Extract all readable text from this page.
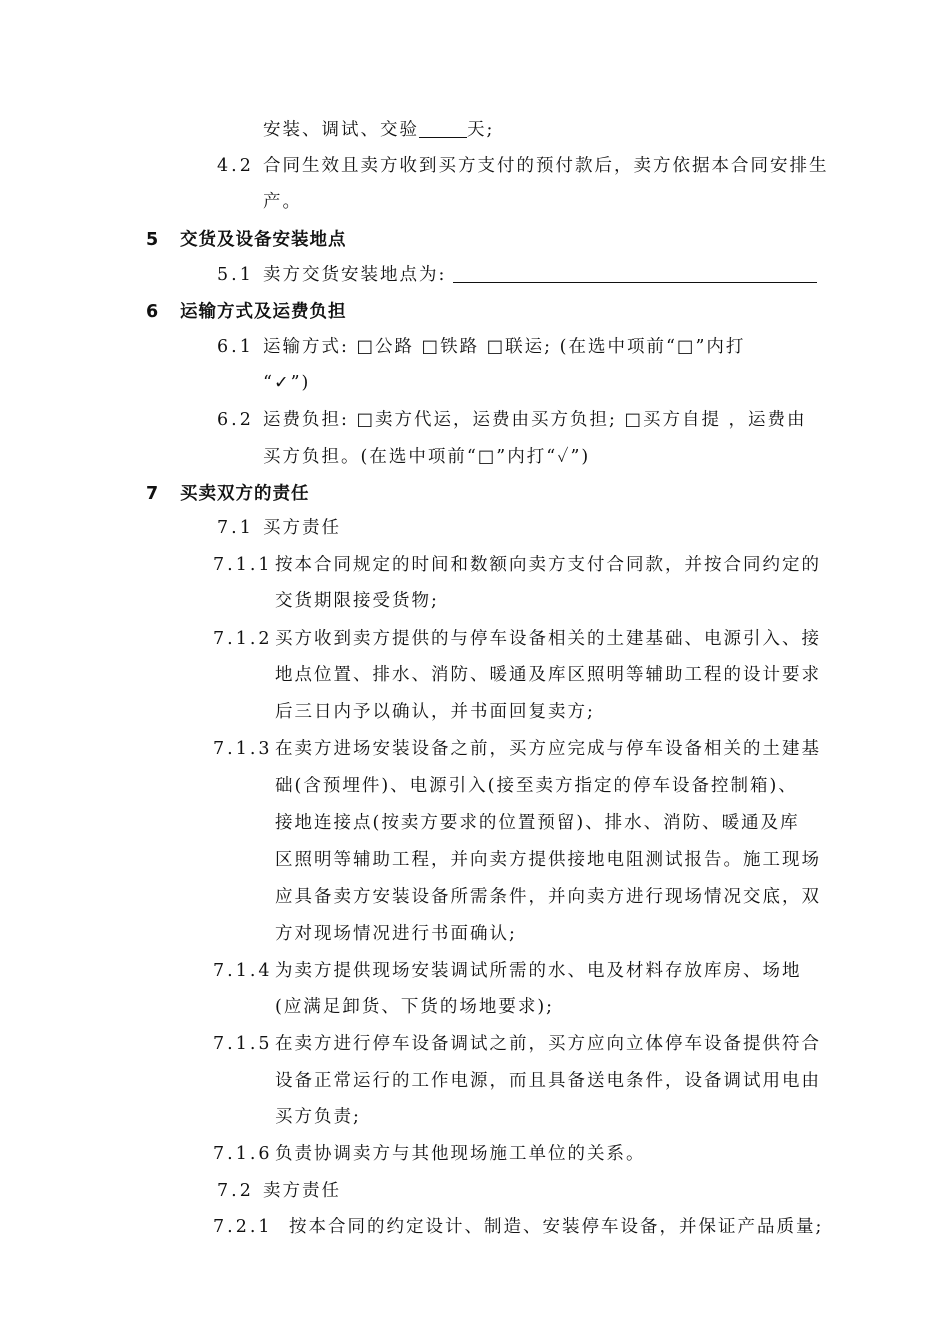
安装、调试、交验	天;
4.2 合同生效且卖方收到买方支付的预付款后，卖方依据本合同安排生
产。
5 交货及设备安装地点
5.1 卖方交货安装地点为:
6 运输方式及运费负担
6.1 运输方式: □公路 □铁路 □联运; (在选中项前“□”内打
“✓”)
6.2 运费负担: □卖方代运，运费由买方负担; □买方自提 ，运费由
买方负担。(在选中项前“□”内打“✓”)
7 买卖双方的责任
7.1 买方责任
7.1.1 按本合同规定的时间和数额向卖方支付合同款，并按合同约定的
交货期限接受货物;
7.1.2 买方收到卖方提供的与停车设备相关的土建基础、电源引入、接
地点位置、排水、消防、暖通及库区照明等辅助工程的设计要求
后三日内予以确认，并书面回复卖方;
7.1.3 在卖方进场安装设备之前，买方应完成与停车设备相关的土建基
础(含预埋件)、电源引入(接至卖方指定的停车设备控制箱)、
接地连接点(按卖方要求的位置预留)、排水、消防、暖通及库
区照明等辅助工程，并向卖方提供接地电阻测试报告。施工现场
应具备卖方安装设备所需条件，并向卖方进行现场情况交底，双
方对现场情况进行书面确认;
7.1.4 为卖方提供现场安装调试所需的水、电及材料存放库房、场地
(应满足卸货、下货的场地要求);
7.1.5 在卖方进行停车设备调试之前，买方应向立体停车设备提供符合
设备正常运行的工作电源，而且具备送电条件，设备调试用电由
买方负责;
7.1.6 负责协调卖方与其他现场施工单位的关系。
7.2 卖方责任
7.2.1 按本合同的约定设计、制造、安装停车设备，并保证产品质量;
